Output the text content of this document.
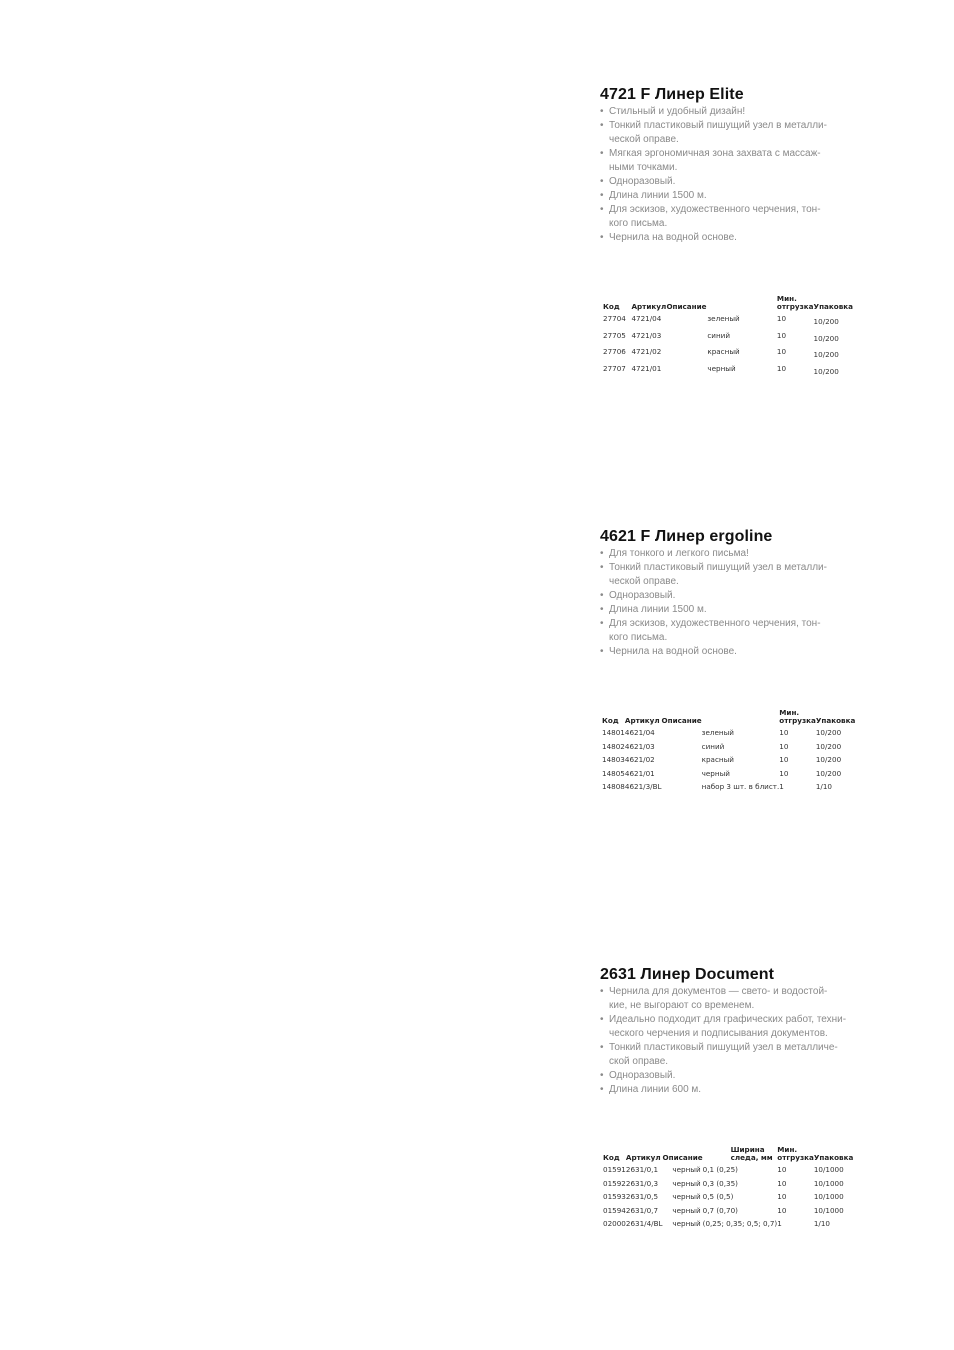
4721 F Линер Elite
• Стильный и удобный дизайн!
• Тонкий пластиковый пишущий узел в металли-
ческой оправе.
• Мягкая эргономичная зона захвата с массаж-
ными точками.
• Одноразовый.
• Длина линии 1500 м.
• Для эскизов, художественного черчения, тон-
кого письма.
• Чернила на водной основе.
Код	Артикул	Описание		Мин. отгрузка	Упаковка
27704	4721/04		зеленый	10	10/200
27705	4721/03		синий	10	10/200
27706	4721/02		красный	10	10/200
27707	4721/01		черный	10	10/200
4621 F Линер ergoline
• Для тонкого и легкого письма!
• Тонкий пластиковый пишущий узел в металли-
ческой оправе.
• Одноразовый.
• Длина линии 1500 м.
• Для эскизов, художественного черчения, тон-
кого письма.
• Чернила на водной основе.
Код	Артикул	Описание		Мин. отгрузка	Упаковка
14801	4621/04		зеленый	10	10/200
14802	4621/03		синий	10	10/200
14803	4621/02		красный	10	10/200
14805	4621/01		черный	10	10/200
14808	4621/3/BL		набор 3 шт. в блист.	1	1/10
2631 Линер Document
• Чернила для документов — свето- и водостой-
кие, не выгорают со временем.
• Идеально подходит для графических работ, техни-
ческого черчения и подписывания документов.
• Тонкий пластиковый пишущий узел в металличе-
ской оправе.
• Одноразовый.
• Длина линии 600 м.
Код	Артикул	Описание	Ширина следа, мм	Мин. отгрузка	Упаковка
01591	2631/0,1	черный	0,1 (0,25)	10	10/1000
01592	2631/0,3	черный	0,3 (0,35)	10	10/1000
01593	2631/0,5	черный	0,5 (0,5)	10	10/1000
01594	2631/0,7	черный	0,7 (0,70)	10	10/1000
02000	2631/4/BL	черный	(0,25; 0,35; 0,5; 0,7)	1	1/10
